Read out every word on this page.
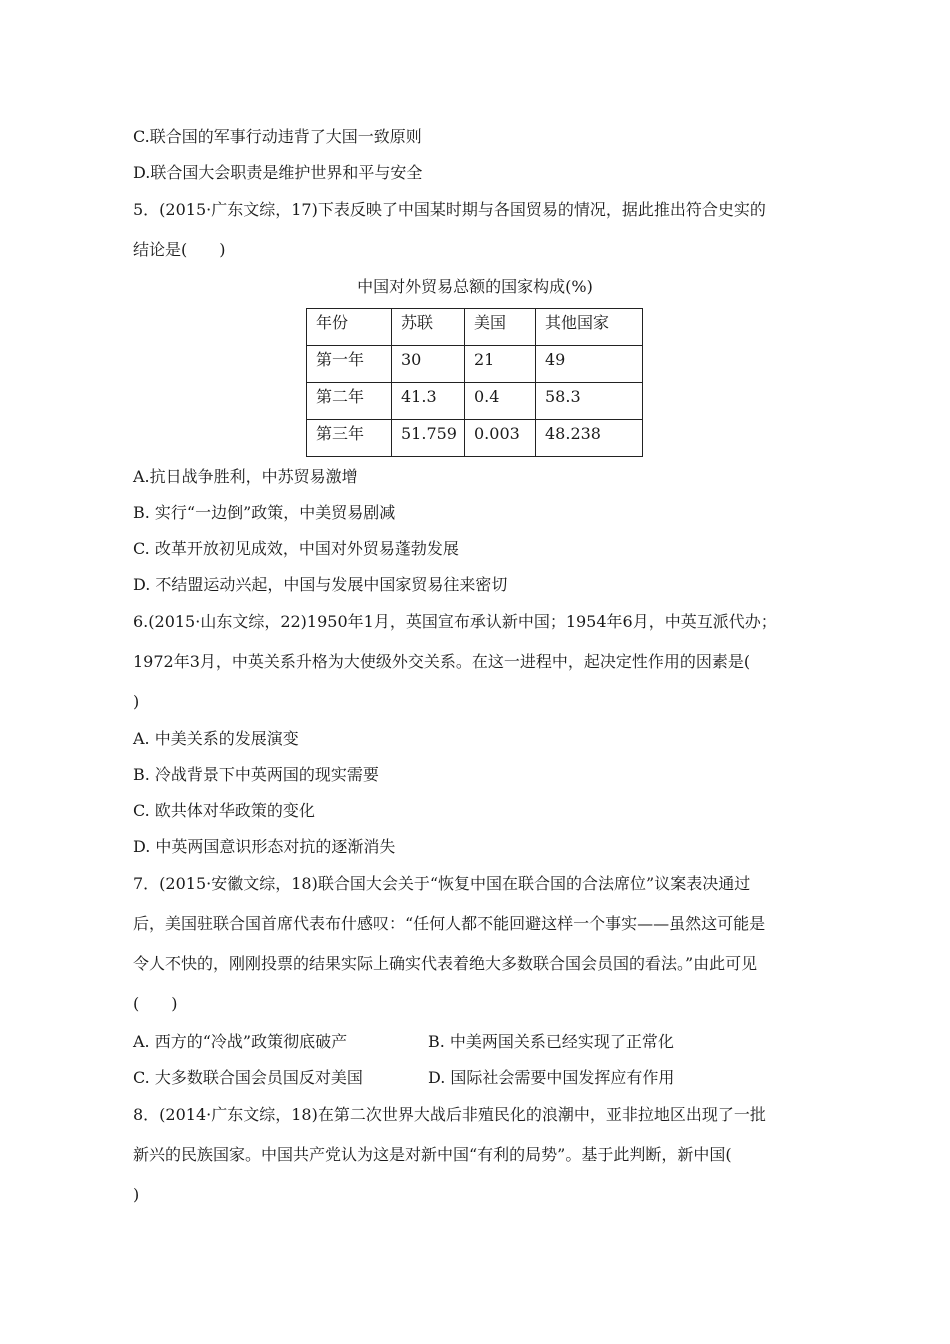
C.联合国的军事行动违背了大国一致原则
D.联合国大会职责是维护世界和平与安全
5．(2015·广东文综，17)下表反映了中国某时期与各国贸易的情况，据此推出符合史实的
结论是(　　)
中国对外贸易总额的国家构成(%)
年份	苏联	美国	其他国家
第一年	30	21	49
第二年	41.3	0.4	58.3
第三年	51.759	0.003	48.238
A.抗日战争胜利，中苏贸易激增
B. 实行“一边倒”政策，中美贸易剧减
C. 改革开放初见成效，中国对外贸易蓬勃发展
D. 不结盟运动兴起，中国与发展中国家贸易往来密切
6.(2015·山东文综，22)1950年1月，英国宣布承认新中国；1954年6月，中英互派代办；
1972年3月，中英关系升格为大使级外交关系。在这一进程中，起决定性作用的因素是(
)
A. 中美关系的发展演变
B. 冷战背景下中英两国的现实需要
C. 欧共体对华政策的变化
D. 中英两国意识形态对抗的逐渐消失
7．(2015·安徽文综，18)联合国大会关于“恢复中国在联合国的合法席位”议案表决通过
后，美国驻联合国首席代表布什感叹：“任何人都不能回避这样一个事实——虽然这可能是
令人不快的，刚刚投票的结果实际上确实代表着绝大多数联合国会员国的看法。”由此可见
(　　)
A. 西方的“冷战”政策彻底破产	B. 中美两国关系已经实现了正常化
C. 大多数联合国会员国反对美国	D. 国际社会需要中国发挥应有作用
8．(2014·广东文综，18)在第二次世界大战后非殖民化的浪潮中，亚非拉地区出现了一批
新兴的民族国家。中国共产党认为这是对新中国“有利的局势”。基于此判断，新中国(
)
